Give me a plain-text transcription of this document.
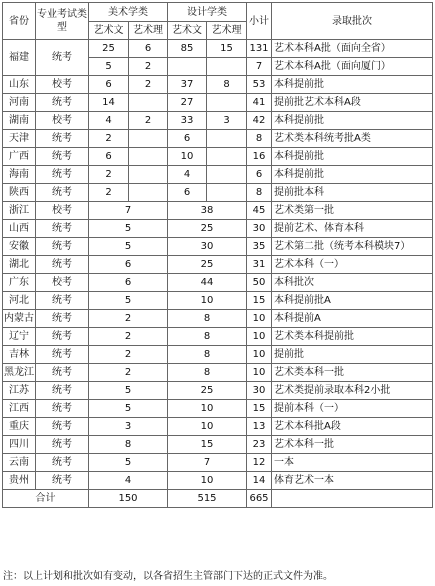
省份	专业考试类型	美术学类		设计学类		小计	录取批次
		艺术文	艺术理	艺术文	艺术理		
福建	统考	25	6	85	15	131	艺术本科A批（面向全省）
		5	2			7	艺术本科A批（面向厦门）
山东	校考	6	2	37	8	53	本科提前批
河南	统考	14		27		41	提前批艺术本科A段
湖南	校考	4	2	33	3	42	本科提前批
天津	统考	2		6		8	艺术类本科统考批A类
广西	统考	6		10		16	本科提前批
海南	统考	2		4		6	本科提前批
陕西	统考	2		6		8	提前批本科
浙江	校考	7		38		45	艺术类第一批
山西	统考	5		25		30	提前艺术、体育本科
安徽	统考	5		30		35	艺术第二批（统考本科模块7）
湖北	统考	6		25		31	艺术本科（一）
广东	校考	6		44		50	本科批次
河北	统考	5		10		15	本科提前批A
内蒙古	统考	2		8		10	本科提前A
辽宁	统考	2		8		10	艺术类本科提前批
吉林	统考	2		8		10	提前批
黑龙江	统考	2		8		10	艺术类本科一批
江苏	统考	5		25		30	艺术类提前录取本科2小批
江西	统考	5		10		15	提前本科（一）
重庆	统考	3		10		13	艺术本科批A段
四川	统考	8		15		23	艺术本科一批
云南	统考	5		7		12	一本
贵州	统考	4		10		14	体育艺术一本
合计		150		515		665	
注：以上计划和批次如有变动，以各省招生主管部门下达的正式文件为准。
